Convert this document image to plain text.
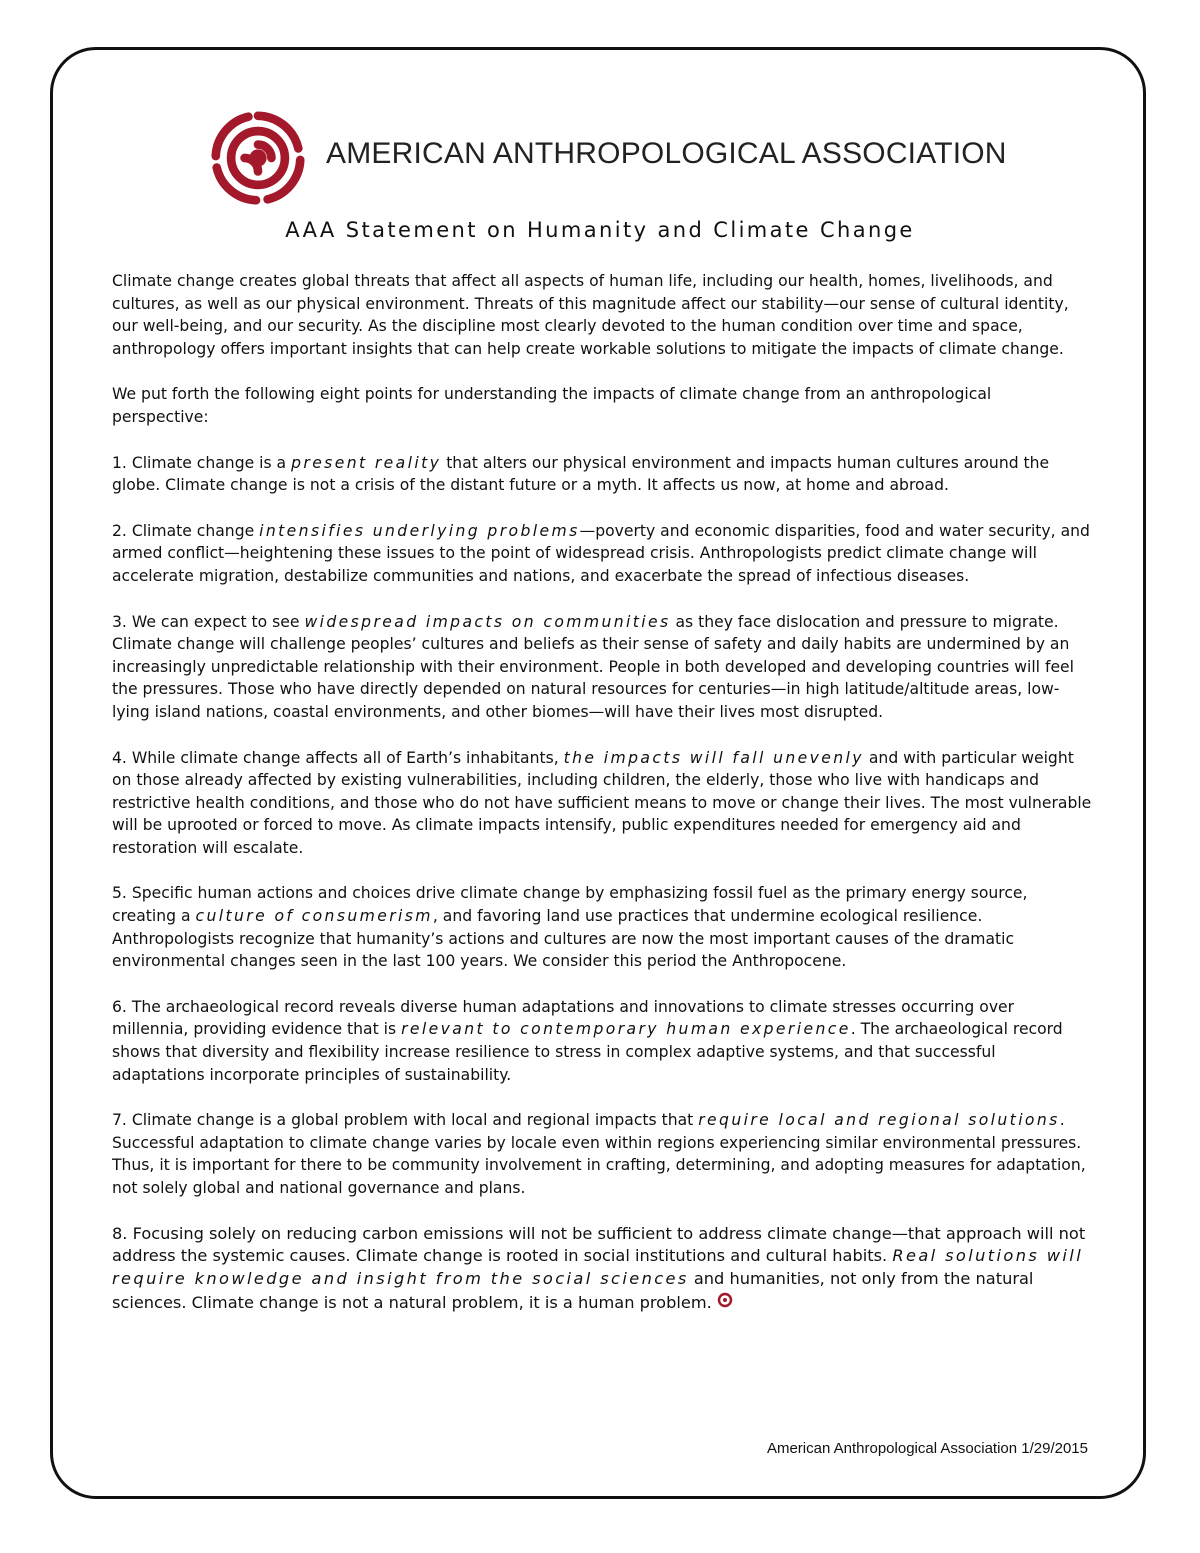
AMERICAN ANTHROPOLOGICAL ASSOCIATION
AAA Statement on Humanity and Climate Change

Climate change creates global threats that affect all aspects of human life, including our health, homes, livelihoods, and cultures, as well as our physical environment. Threats of this magnitude affect our stability—our sense of cultural identity, our well-being, and our security. As the discipline most clearly devoted to the human condition over time and space, anthropology offers important insights that can help create workable solutions to mitigate the impacts of climate change.

We put forth the following eight points for understanding the impacts of climate change from an anthropological perspective:

1. Climate change is a present reality that alters our physical environment and impacts human cultures around the globe. Climate change is not a crisis of the distant future or a myth. It affects us now, at home and abroad.

2. Climate change intensifies underlying problems—poverty and economic disparities, food and water security, and armed conflict—heightening these issues to the point of widespread crisis. Anthropologists predict climate change will accelerate migration, destabilize communities and nations, and exacerbate the spread of infectious diseases.

3. We can expect to see widespread impacts on communities as they face dislocation and pressure to migrate. Climate change will challenge peoples’ cultures and beliefs as their sense of safety and daily habits are undermined by an increasingly unpredictable relationship with their environment. People in both developed and developing countries will feel the pressures. Those who have directly depended on natural resources for centuries—in high latitude/altitude areas, low-lying island nations, coastal environments, and other biomes—will have their lives most disrupted.

4. While climate change affects all of Earth’s inhabitants, the impacts will fall unevenly and with particular weight on those already affected by existing vulnerabilities, including children, the elderly, those who live with handicaps and restrictive health conditions, and those who do not have sufficient means to move or change their lives. The most vulnerable will be uprooted or forced to move. As climate impacts intensify, public expenditures needed for emergency aid and restoration will escalate.

5. Specific human actions and choices drive climate change by emphasizing fossil fuel as the primary energy source, creating a culture of consumerism, and favoring land use practices that undermine ecological resilience. Anthropologists recognize that humanity’s actions and cultures are now the most important causes of the dramatic environmental changes seen in the last 100 years. We consider this period the Anthropocene.

6. The archaeological record reveals diverse human adaptations and innovations to climate stresses occurring over millennia, providing evidence that is relevant to contemporary human experience. The archaeological record shows that diversity and flexibility increase resilience to stress in complex adaptive systems, and that successful adaptations incorporate principles of sustainability.

7. Climate change is a global problem with local and regional impacts that require local and regional solutions. Successful adaptation to climate change varies by locale even within regions experiencing similar environmental pressures. Thus, it is important for there to be community involvement in crafting, determining, and adopting measures for adaptation, not solely global and national governance and plans.

8. Focusing solely on reducing carbon emissions will not be sufficient to address climate change—that approach will not address the systemic causes. Climate change is rooted in social institutions and cultural habits. Real solutions will require knowledge and insight from the social sciences and humanities, not only from the natural sciences. Climate change is not a natural problem, it is a human problem.

American Anthropological Association 1/29/2015
